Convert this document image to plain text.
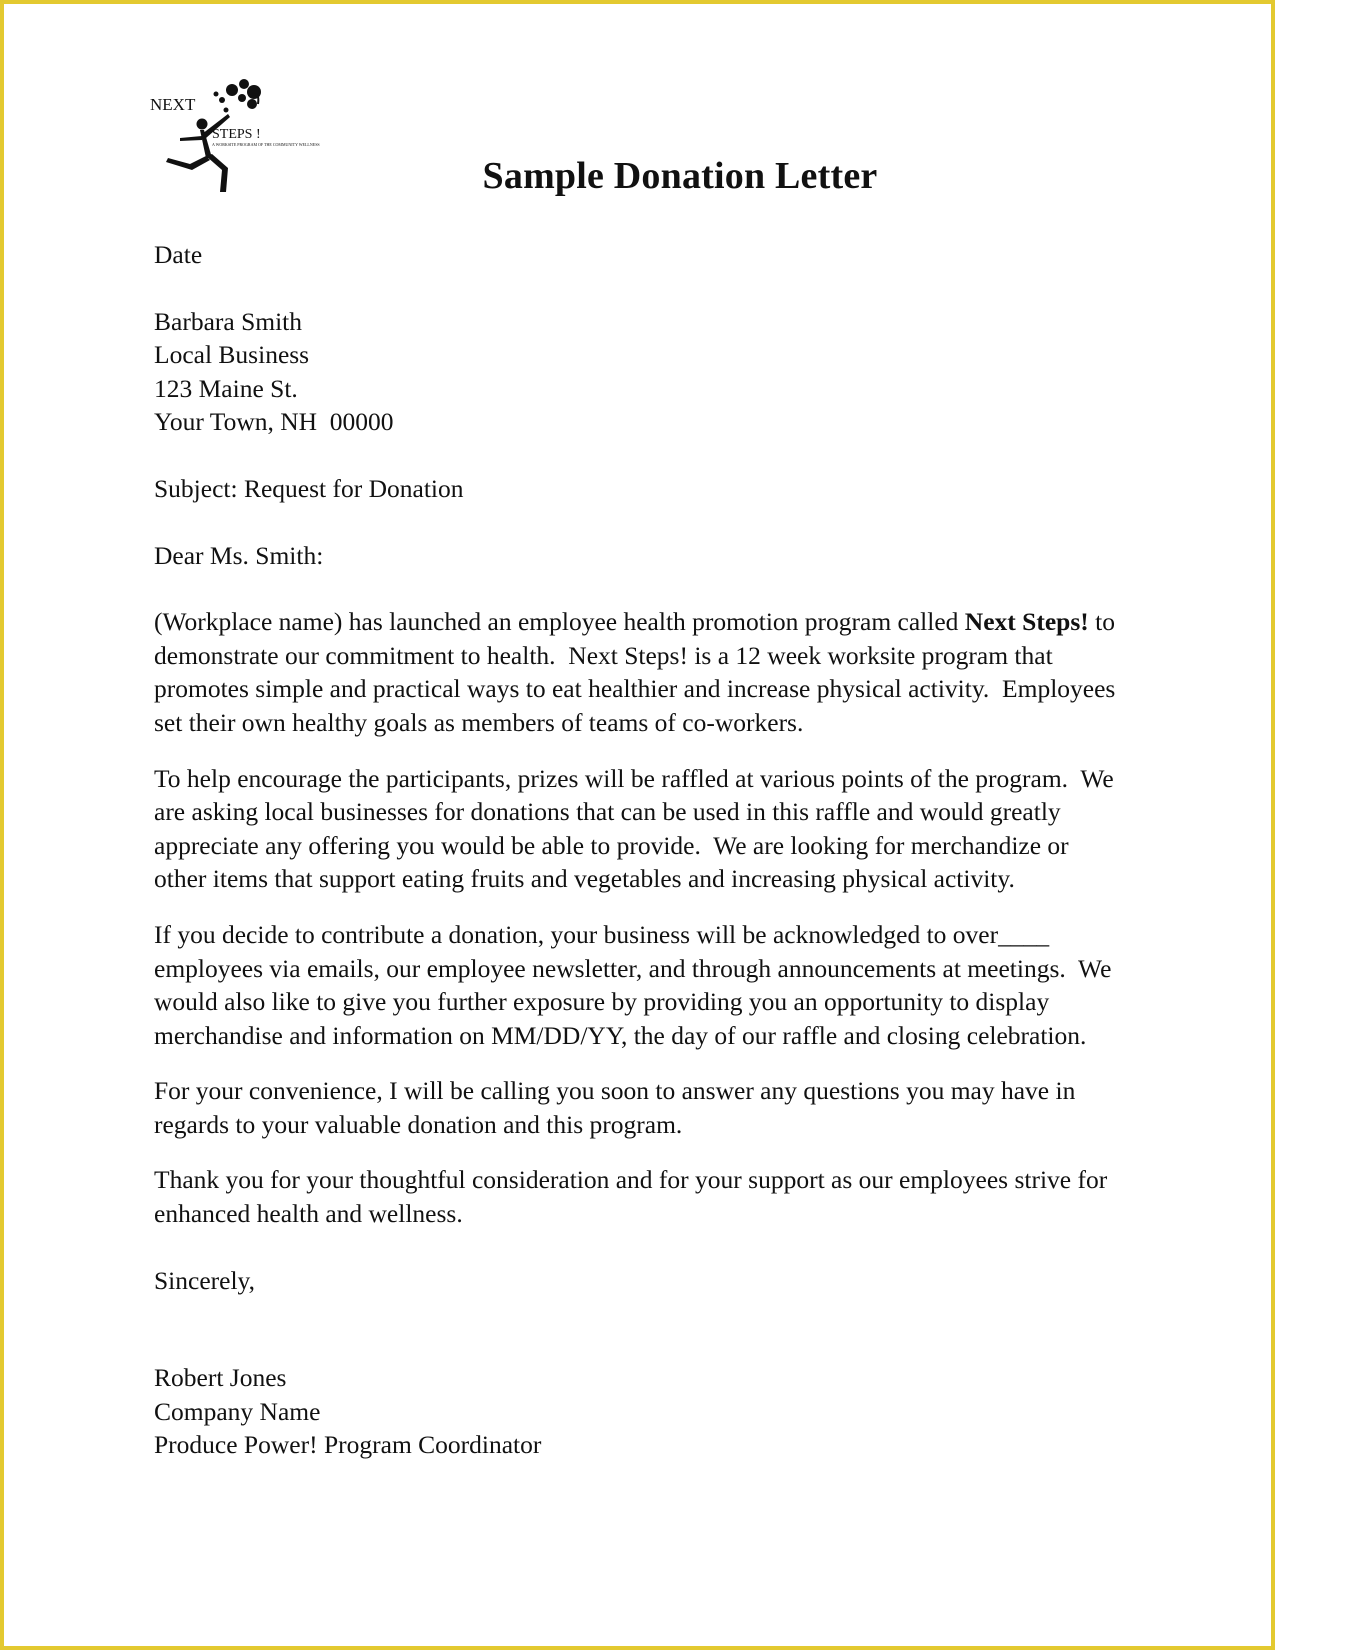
NEXT
STEPS !
A WORKSITE PROGRAM OF THE COMMUNITY WELLNESS
Sample Donation Letter
Date
Barbara Smith
Local Business
123 Maine St.
Your Town, NH  00000
Subject: Request for Donation
Dear Ms. Smith:

(Workplace name) has launched an employee health promotion program called Next Steps! to
demonstrate our commitment to health.  Next Steps! is a 12 week worksite program that
promotes simple and practical ways to eat healthier and increase physical activity.  Employees
set their own healthy goals as members of teams of co-workers.

To help encourage the participants, prizes will be raffled at various points of the program.  We
are asking local businesses for donations that can be used in this raffle and would greatly
appreciate any offering you would be able to provide.  We are looking for merchandize or
other items that support eating fruits and vegetables and increasing physical activity.

If you decide to contribute a donation, your business will be acknowledged to over____
employees via emails, our employee newsletter, and through announcements at meetings.  We
would also like to give you further exposure by providing you an opportunity to display
merchandise and information on MM/DD/YY, the day of our raffle and closing celebration.

For your convenience, I will be calling you soon to answer any questions you may have in
regards to your valuable donation and this program.

Thank you for your thoughtful consideration and for your support as our employees strive for
enhanced health and wellness.

Sincerely,
Robert Jones
Company Name
Produce Power! Program Coordinator
